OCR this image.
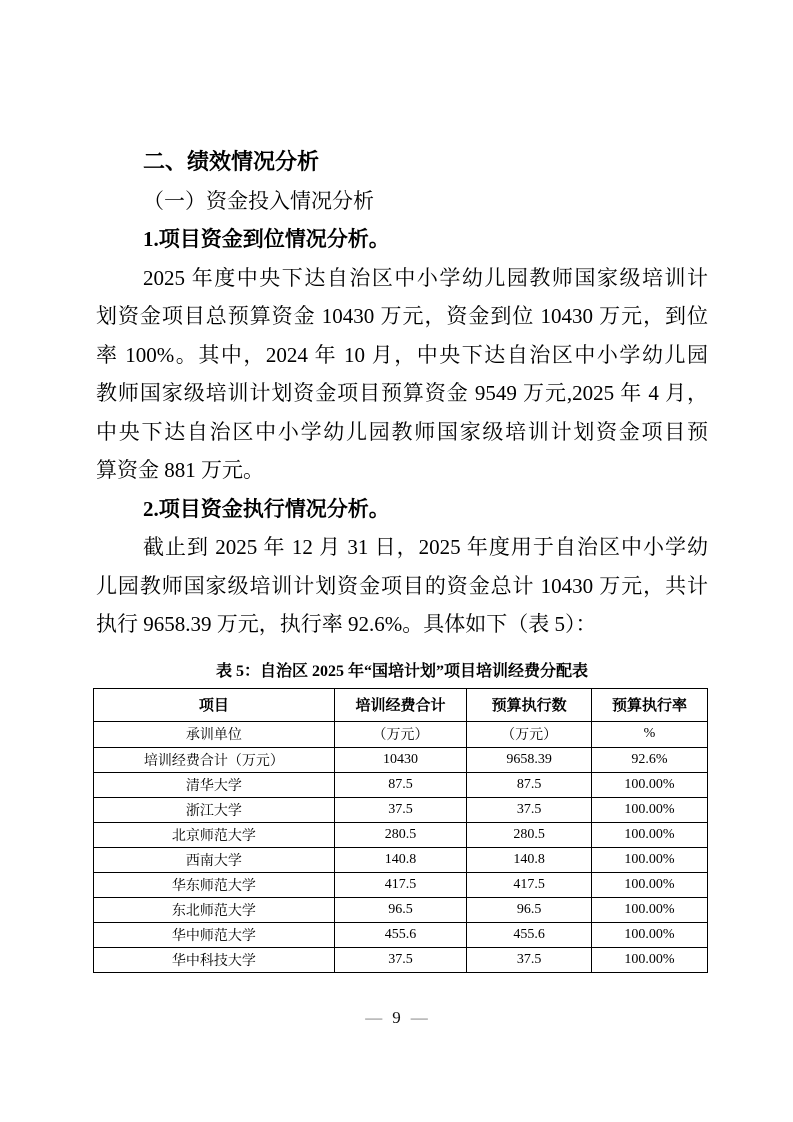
二、绩效情况分析
（一）资金投入情况分析
1.项目资金到位情况分析。
2025 年度中央下达自治区中小学幼儿园教师国家级培训计
划资金项目总预算资金 10430 万元，资金到位 10430 万元，到位
率 100%。其中，2024 年 10 月，中央下达自治区中小学幼儿园
教师国家级培训计划资金项目预算资金 9549 万元,2025 年 4 月，
中央下达自治区中小学幼儿园教师国家级培训计划资金项目预
算资金 881 万元。
2.项目资金执行情况分析。
截止到 2025 年 12 月 31 日，2025 年度用于自治区中小学幼
儿园教师国家级培训计划资金项目的资金总计 10430 万元，共计
执行 9658.39 万元，执行率 92.6%。具体如下（表 5）：
表 5：自治区 2025 年“国培计划”项目培训经费分配表
项目	培训经费合计	预算执行数	预算执行率
承训单位	（万元）	（万元）	%
培训经费合计（万元）	10430	9658.39	92.6%
清华大学	87.5	87.5	100.00%
浙江大学	37.5	37.5	100.00%
北京师范大学	280.5	280.5	100.00%
西南大学	140.8	140.8	100.00%
华东师范大学	417.5	417.5	100.00%
东北师范大学	96.5	96.5	100.00%
华中师范大学	455.6	455.6	100.00%
华中科技大学	37.5	37.5	100.00%
— 9 —
